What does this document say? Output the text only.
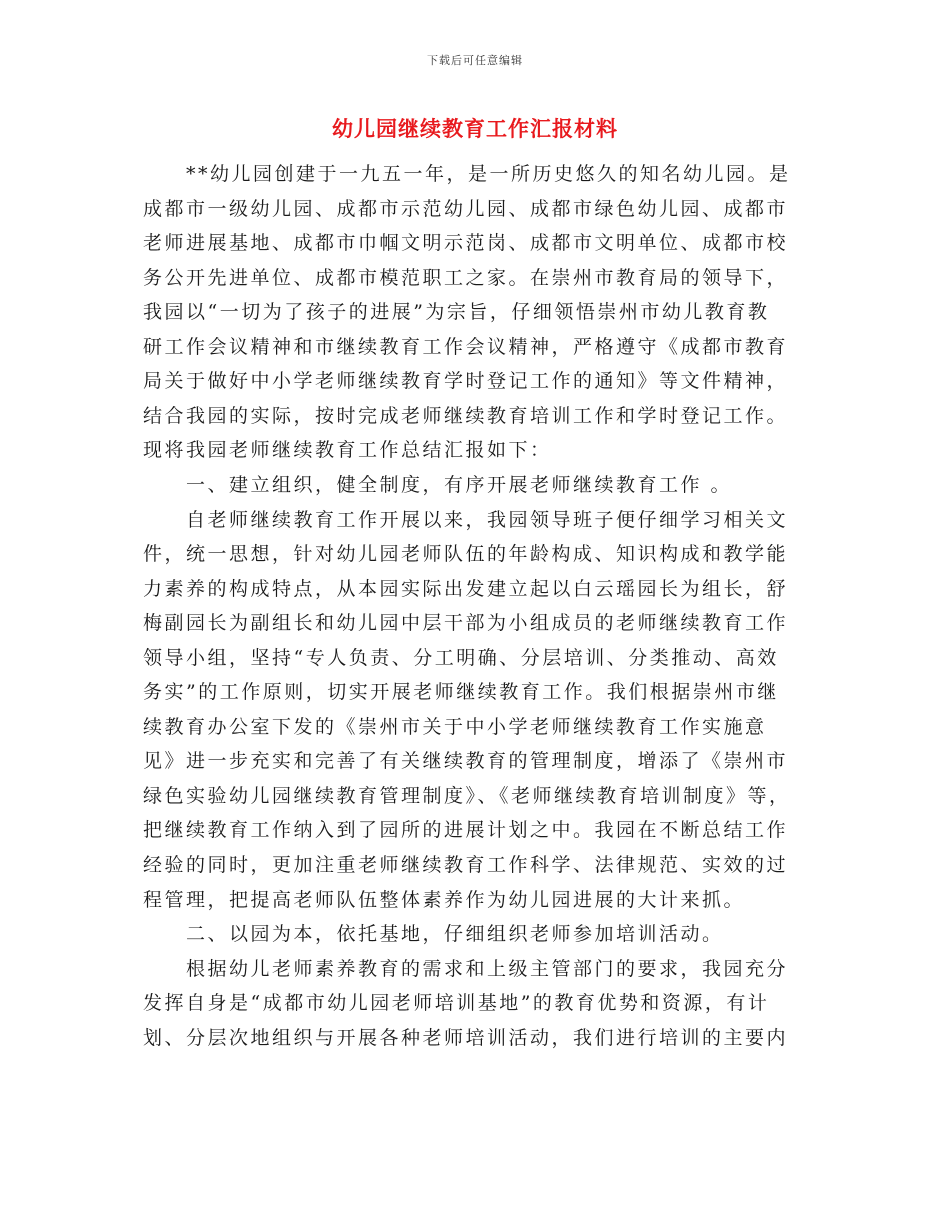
下载后可任意编辑
幼儿园继续教育工作汇报材料
**幼儿园创建于一九五一年，是一所历史悠久的知名幼儿园。是
成都市一级幼儿园、成都市示范幼儿园、成都市绿色幼儿园、成都市
老师进展基地、成都市巾帼文明示范岗、成都市文明单位、成都市校
务公开先进单位、成都市模范职工之家。在崇州市教育局的领导下，
我园以“一切为了孩子的进展”为宗旨，仔细领悟崇州市幼儿教育教
研工作会议精神和市继续教育工作会议精神，严格遵守《成都市教育
局关于做好中小学老师继续教育学时登记工作的通知》等文件精神，
结合我园的实际，按时完成老师继续教育培训工作和学时登记工作。
现将我园老师继续教育工作总结汇报如下：
一、建立组织，健全制度，有序开展老师继续教育工作 。
自老师继续教育工作开展以来，我园领导班子便仔细学习相关文
件，统一思想，针对幼儿园老师队伍的年龄构成、知识构成和教学能
力素养的构成特点，从本园实际出发建立起以白云瑶园长为组长，舒
梅副园长为副组长和幼儿园中层干部为小组成员的老师继续教育工作
领导小组，坚持“专人负责、分工明确、分层培训、分类推动、高效
务实”的工作原则，切实开展老师继续教育工作。我们根据崇州市继
续教育办公室下发的《崇州市关于中小学老师继续教育工作实施意
见》进一步充实和完善了有关继续教育的管理制度，增添了《崇州市
绿色实验幼儿园继续教育管理制度》、《老师继续教育培训制度》等，
把继续教育工作纳入到了园所的进展计划之中。我园在不断总结工作
经验的同时，更加注重老师继续教育工作科学、法律规范、实效的过
程管理，把提高老师队伍整体素养作为幼儿园进展的大计来抓。
二、以园为本，依托基地，仔细组织老师参加培训活动。
根据幼儿老师素养教育的需求和上级主管部门的要求，我园充分
发挥自身是“成都市幼儿园老师培训基地”的教育优势和资源，有计
划、分层次地组织与开展各种老师培训活动，我们进行培训的主要内
